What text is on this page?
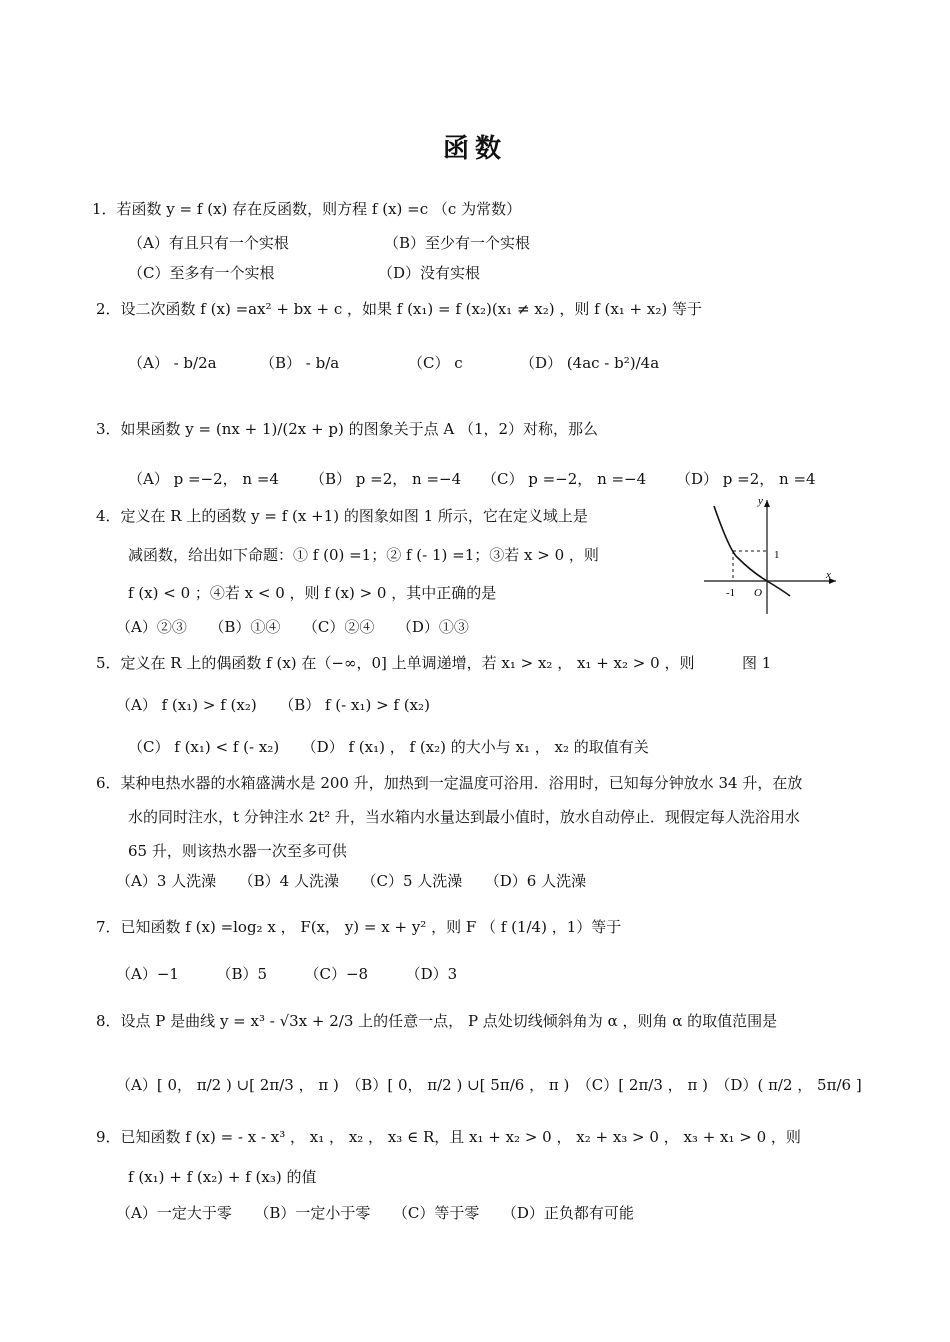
函数
1．若函数 y = f (x) 存在反函数，则方程 f (x) =c （c 为常数）
（A）有且只有一个实根	（B）至少有一个实根
（C）至多有一个实根	（D）没有实根
2．设二次函数 f (x) =ax² + bx + c ，如果 f (x₁) = f (x₂)(x₁ ≠ x₂) ，则 f (x₁ + x₂) 等于
（A） - b/2a	（B） - b/a	（C） c	（D） (4ac - b²)/4a
3．如果函数 y = (nx + 1)/(2x + p) 的图象关于点 A （1，2）对称，那么
（A） p =−2， n =4 （B） p =2， n =−4 （C） p =−2， n =−4 （D） p =2， n =4
4．定义在 R 上的函数 y = f (x +1) 的图象如图 1 所示，它在定义域上是
减函数，给出如下命题：① f (0) =1；② f (- 1) =1；③若 x > 0 ，则
f (x) < 0 ；④若 x < 0 ，则 f (x) > 0 ，其中正确的是
（A）②③　　（B）①④　　（C）②④　　（D）①③
y
x
1
-1 O
图 1
5．定义在 R 上的偶函数 f (x) 在（−∞，0] 上单调递增，若 x₁ > x₂ ， x₁ + x₂ > 0 ，则
（A） f (x₁) > f (x₂)　　（B） f (- x₁) > f (x₂)
（C） f (x₁) < f (- x₂)　　（D） f (x₁) ， f (x₂) 的大小与 x₁ ， x₂ 的取值有关
6．某种电热水器的水箱盛满水是 200 升，加热到一定温度可浴用．浴用时，已知每分钟放水 34 升，在放
水的同时注水，t 分钟注水 2t² 升，当水箱内水量达到最小值时，放水自动停止．现假定每人洗浴用水
65 升，则该热水器一次至多可供
（A）3 人洗澡　　（B）4 人洗澡　　（C）5 人洗澡　　（D）6 人洗澡
7．已知函数 f (x) =log₂ x ， F(x， y) = x + y² ，则 F （ f (1/4) ，1）等于
（A）−1　　　（B）5　　　（C）−8　　　（D）3
8．设点 P 是曲线 y = x³ - √3x + 2/3 上的任意一点， P 点处切线倾斜角为 α ，则角 α 的取值范围是
（A）[ 0， π/2 ) ∪[ 2π/3 ， π )　（B）[ 0， π/2 ) ∪[ 5π/6 ， π )　（C）[ 2π/3 ， π )　（D）( π/2 ， 5π/6 ]
9．已知函数 f (x) = - x - x³ ， x₁ ， x₂ ， x₃ ∈ R，且 x₁ + x₂ > 0 ， x₂ + x₃ > 0 ， x₃ + x₁ > 0 ，则
f (x₁) + f (x₂) + f (x₃) 的值
（A）一定大于零　　（B）一定小于零　　（C）等于零　　（D）正负都有可能
